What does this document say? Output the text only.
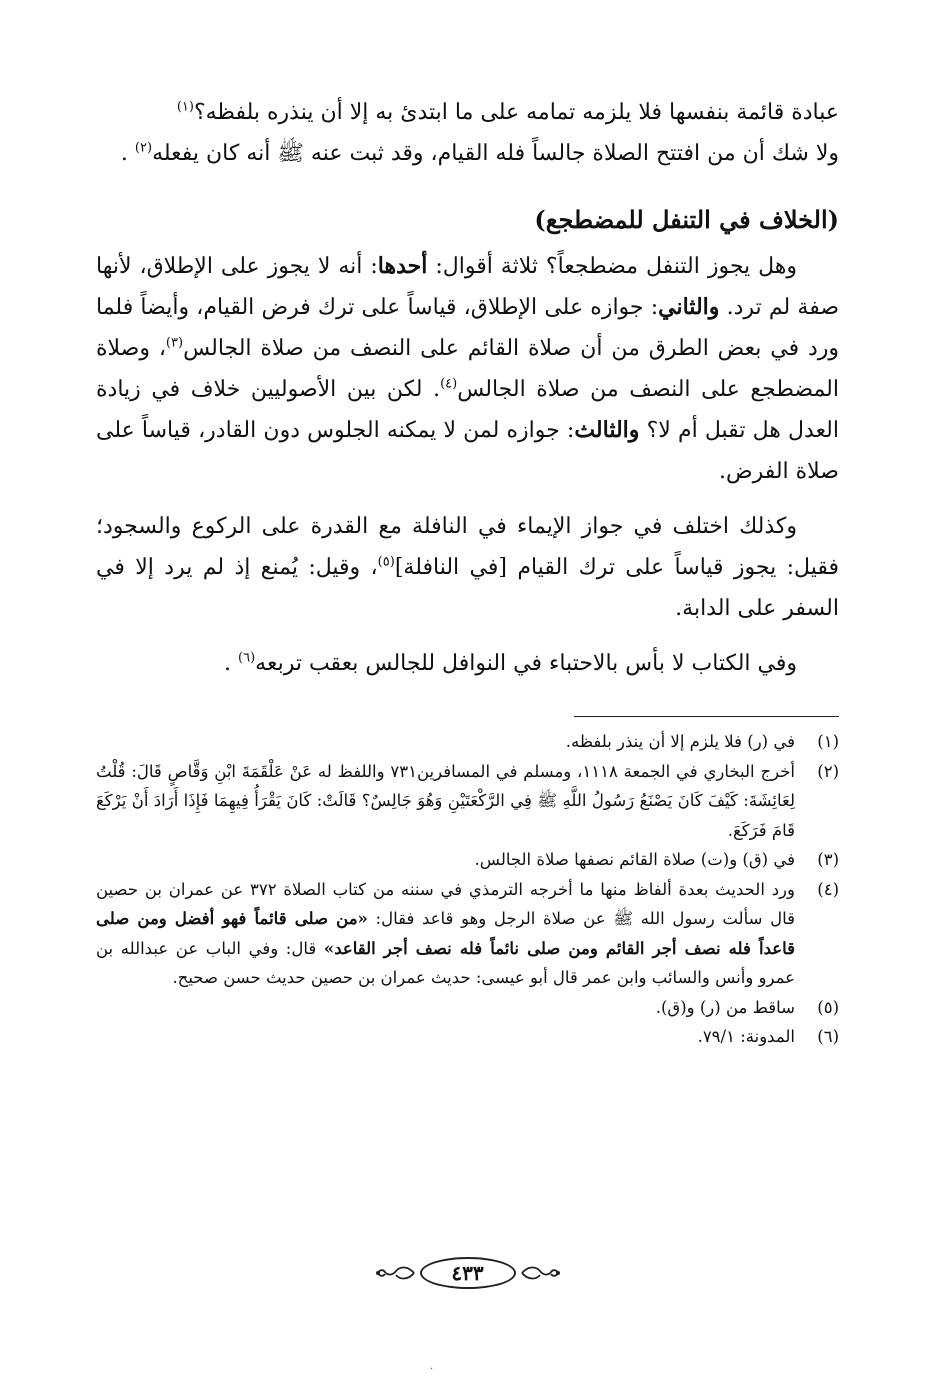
عبادة قائمة بنفسها فلا يلزمه تمامه على ما ابتدئ به إلا أن ينذره بلفظه؟$^{(١)}$

ولا شك أن من افتتح الصلاة جالساً فله القيام، وقد ثبت عنه ﷺ أنه كان يفعله$^{(٢)}$ .

(الخلاف في التنفل للمضطجع)

وهل يجوز التنفل مضطجعاً؟ ثلاثة أقوال: أحدها: أنه لا يجوز على الإطلاق، لأنها صفة لم ترد. والثاني: جوازه على الإطلاق، قياساً على ترك فرض القيام، وأيضاً فلما ورد في بعض الطرق من أن صلاة القائم على النصف من صلاة الجالس$^{(٣)}$، وصلاة المضطجع على النصف من صلاة الجالس$^{(٤)}$. لكن بين الأصوليين خلاف في زيادة العدل هل تقبل أم لا؟ والثالث: جوازه لمن لا يمكنه الجلوس دون القادر، قياساً على صلاة الفرض.

وكذلك اختلف في جواز الإيماء في النافلة مع القدرة على الركوع والسجود؛ فقيل: يجوز قياساً على ترك القيام [في النافلة]$^{(٥)}$، وقيل: يُمنع إذ لم يرد إلا في السفر على الدابة.

وفي الكتاب لا بأس بالاحتباء في النوافل للجالس بعقب تربعه$^{(٦)}$ .

(١)
في (ر) فلا يلزم إلا أن ينذر بلفظه.
(٢)
أخرج البخاري في الجمعة ١١١٨، ومسلم في المسافرين٧٣١ واللفظ له عَنْ عَلْقَمَةَ ابْنِ وَقَّاصٍ قَالَ: قُلْتُ لِعَائِشَةَ: كَيْفَ كَانَ يَصْنَعُ رَسُولُ اللَّهِ ﷺ فِي الرَّكْعَتَيْنِ وَهُوَ جَالِسٌ؟ قَالَتْ: كَانَ يَقْرَأُ فِيهِمَا فَإِذَا أَرَادَ أَنْ يَرْكَعَ قَامَ فَرَكَعَ.
(٣)
في (ق) و(ت) صلاة القائم نصفها صلاة الجالس.
(٤)
ورد الحديث بعدة ألفاظ منها ما أخرجه الترمذي في سننه من كتاب الصلاة ٣٧٢ عن عمران بن حصين قال سألت رسول الله ﷺ عن صلاة الرجل وهو قاعد فقال: «من صلى قائماً فهو أفضل ومن صلى قاعداً فله نصف أجر القائم ومن صلى نائماً فله نصف أجر القاعد» قال: وفي الباب عن عبدالله بن عمرو وأنس والسائب وابن عمر قال أبو عيسى: حديث عمران بن حصين حديث حسن صحيح.
(٥)
ساقط من (ر) و(ق).
(٦)
المدونة: ٧٩/١.
٤٣٣
·
